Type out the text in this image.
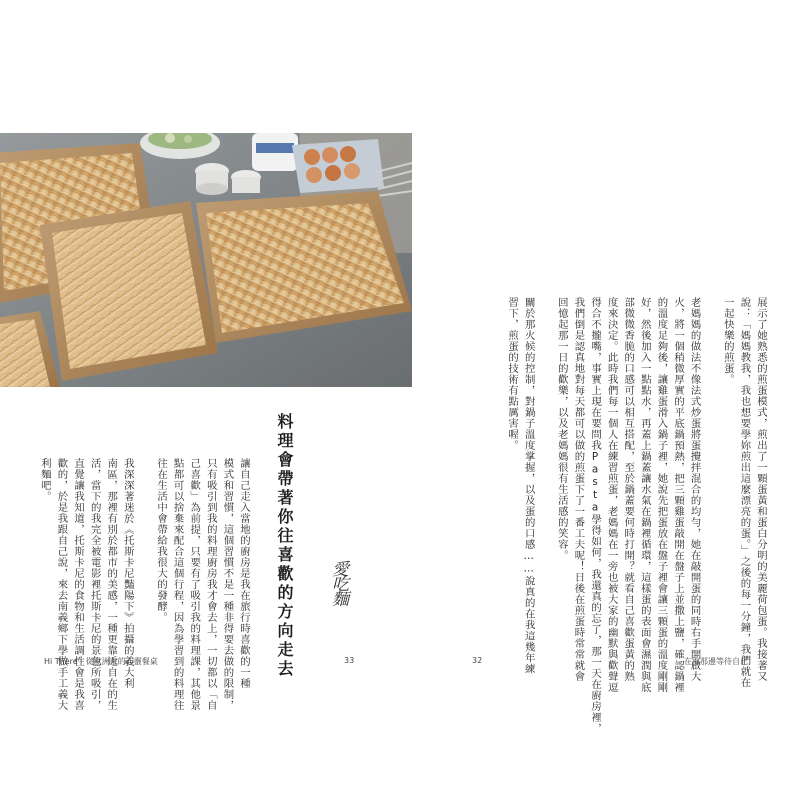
料理會帶著你往喜歡的方向走去 愛吃麵
讓自己走入當地的廚房是我在旅行時喜歡的一種
模式和習慣，這個習慣不是一種非得要去做的限制，
只有吸引到我的料理廚房我才會去上，一切都以「自
己喜歡」為前提，只要有了吸引我的料理課，其他景
點都可以捨棄來配合這個行程，因為學習到的料理往
往在生活中會帶給我很大的發酵。

我深深著迷於《托斯卡尼豔陽下》拍攝的義大利
南區，那裡有別於都市的美感，一種更靠近自在的生
活，當下的我完全被電影裡托斯卡尼的景色所吸引，
直覺讓我知道，托斯卡尼的食物和生活調性會是我喜
歡的，於是我跟自己說，來去南義鄉下學做手工義大
利麵吧。
Hi There　從歐洲來的心靈餐桌	33	展示了她熟悉的煎蛋模式，煎出了一顆蛋黃和蛋白分明的美麗荷包蛋。我接著又
說：「媽媽教我，我也想要學妳煎出這麼漂亮的蛋。」之後的每一分鐘，我們就在
一起快樂的煎蛋。

老媽媽的做法不像法式炒蛋將蛋攪拌混合的均勻，她在敲開蛋的同時右手開啟大
火，將一個稍微厚實的平底鍋預熱，把三顆雞蛋敲開在盤子上並撒上鹽，確認鍋裡
的溫度足夠後，讓雞蛋滑入鍋子裡，她說先把蛋放在盤子裡會讓三顆蛋的溫度剛剛
好，然後加入一點點水，再蓋上鍋蓋讓水氣在鍋裡循環，這樣蛋的表面會濕潤與底
部微微香脆的口感可以相互搭配，至於鍋蓋要何時打開？就看自己喜歡蛋黃的熟
度來決定。此時我們每一個人在練習煎蛋，老媽媽在一旁也被大家的幽默與歡聲逗
得合不攏嘴，事實上現在要問我Pasta學得如何，我還真的忘了，那一天在廚房裡，
我們倒是認真地對每天都可以做的煎蛋下了一番工夫呢！日後在煎蛋時常常就會
回憶起那一日的歡樂，以及老媽媽很有生活感的笑容。

關於那火候的控制，對鍋子溫度掌握，以及蛋的口感……說真的在我這幾年練
習下，煎蛋的技術有點厲害喔。
32	在海那邊等待自己
